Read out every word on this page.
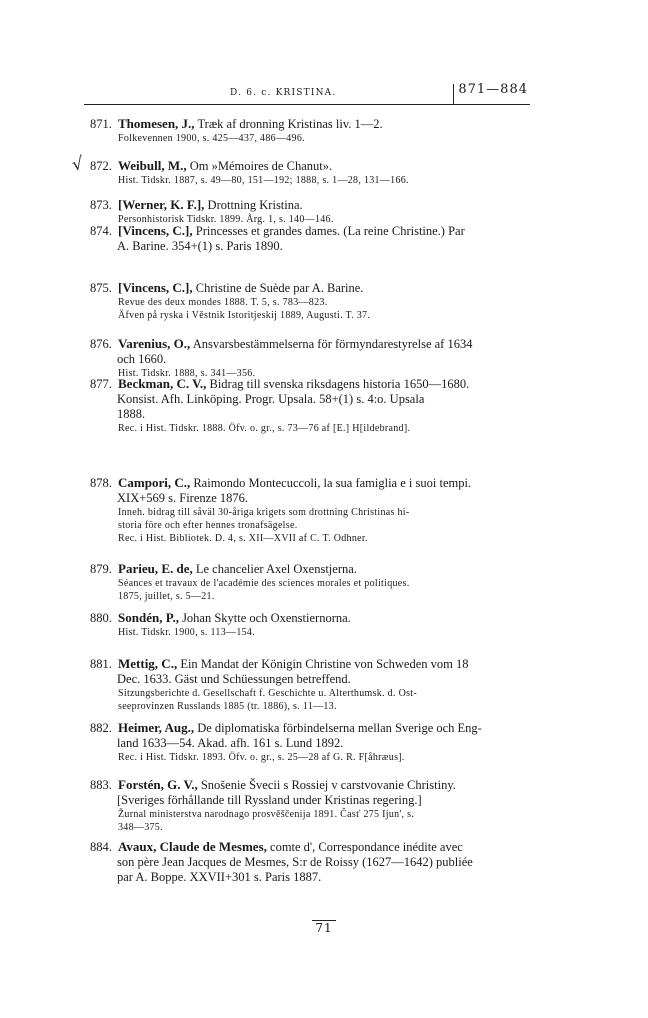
D. 6. c. KRISTINA.	871—884
√
871. Thomesen, J., Træk af dronning Kristinas liv. 1—2.
Folkevennen 1900, s. 425—437, 486—496.
872. Weibull, M., Om »Mémoires de Chanut».
Hist. Tidskr. 1887, s. 49—80, 151—192; 1888, s. 1—28, 131—166.
873. [Werner, K. F.], Drottning Kristina.
Personhistorisk Tidskr. 1899. Årg. 1, s. 140—146.
874. [Vincens, C.], Princesses et grandes dames. (La reine Christine.) Par
A. Barine. 354+(1) s. Paris 1890.
875. [Vincens, C.], Christine de Suède par A. Barine.
Revue des deux mondes 1888. T. 5, s. 783—823.
Äfven på ryska i Věstnik Istoritjeskij 1889, Augusti. T. 37.
876. Varenius, O., Ansvarsbestämmelserna för förmyndarestyrelse af 1634
och 1660.
Hist. Tidskr. 1888, s. 341—356.
877. Beckman, C. V., Bidrag till svenska riksdagens historia 1650—1680.
Konsist. Afh. Linköping. Progr. Upsala. 58+(1) s. 4:o. Upsala
1888.
Rec. i Hist. Tidskr. 1888. Öfv. o. gr., s. 73—76 af [E.] H[ildebrand].
878. Campori, C., Raimondo Montecuccoli, la sua famiglia e i suoi tempi.
XIX+569 s. Firenze 1876.
Inneh. bidrag till såväl 30-åriga krigets som drottning Christinas hi-
storia före och efter hennes tronafsägelse.
Rec. i Hist. Bibliotek. D. 4, s. XII—XVII af C. T. Odhner.
879. Parieu, E. de, Le chancelier Axel Oxenstjerna.
Séances et travaux de l'académie des sciences morales et politiques.
1875, juillet, s. 5—21.
880. Sondén, P., Johan Skytte och Oxenstiernorna.
Hist. Tidskr. 1900, s. 113—154.
881. Mettig, C., Ein Mandat der Königin Christine von Schweden vom 18
Dec. 1633. Gäst und Schüessungen betreffend.
Sitzungsberichte d. Gesellschaft f. Geschichte u. Alterthumsk. d. Ost-
seeprovinzen Russlands 1885 (tr. 1886), s. 11—13.
882. Heimer, Aug., De diplomatiska förbindelserna mellan Sverige och Eng-
land 1633—54. Akad. afh. 161 s. Lund 1892.
Rec. i Hist. Tidskr. 1893. Öfv. o. gr., s. 25—28 af G. R. F[åhræus].
883. Forstén, G. V., Snošenie Švecii s Rossiej v carstvovanie Christiny.
[Sveriges förhållande till Ryssland under Kristinas regering.]
Žurnal ministerstva narodnago prosvěščenija 1891. Časť 275 Ijun', s.
348—375.
884. Avaux, Claude de Mesmes, comte d', Correspondance inédite avec
son père Jean Jacques de Mesmes, S:r de Roissy (1627—1642) publiée
par A. Boppe. XXVII+301 s. Paris 1887.
71
